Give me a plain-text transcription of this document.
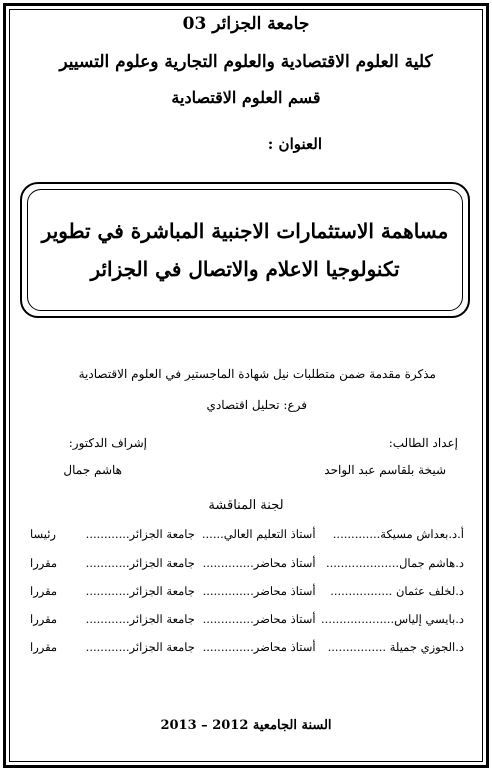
جامعة الجزائر 03
كلية العلوم الاقتصادية والعلوم التجارية وعلوم التسيير
قسم العلوم الاقتصادية
العنوان :
مساهمة الاستثمارات الاجنبية المباشرة في تطوير
تكنولوجيا الاعلام والاتصال في الجزائر
مذكرة مقدمة ضمن متطلبات نيل شهادة الماجستير في العلوم الاقتصادية
فرع: تحليل اقتصادي
إعداد الطالب:
إشراف الدكتور:
شيخة بلقاسم عبد الواحد
هاشم جمال
لجنة المناقشة
أ.د.بعداش مسيكة.............
أستاذ التعليم العالي......
جامعة الجزائر............
رئيسا
د.هاشم جمال....................
أستاذ محاضر..............
جامعة الجزائر............
مقررا
د.لخلف عثمان .................
أستاذ محاضر..............
جامعة الجزائر............
مقررا
د.بايسي إلياس....................
أستاذ محاضر..............
جامعة الجزائر............
مقررا
د.الجوزي جميلة ................
أستاذ محاضر..............
جامعة الجزائر............
مقررا
السنة الجامعية 2012 – 2013
